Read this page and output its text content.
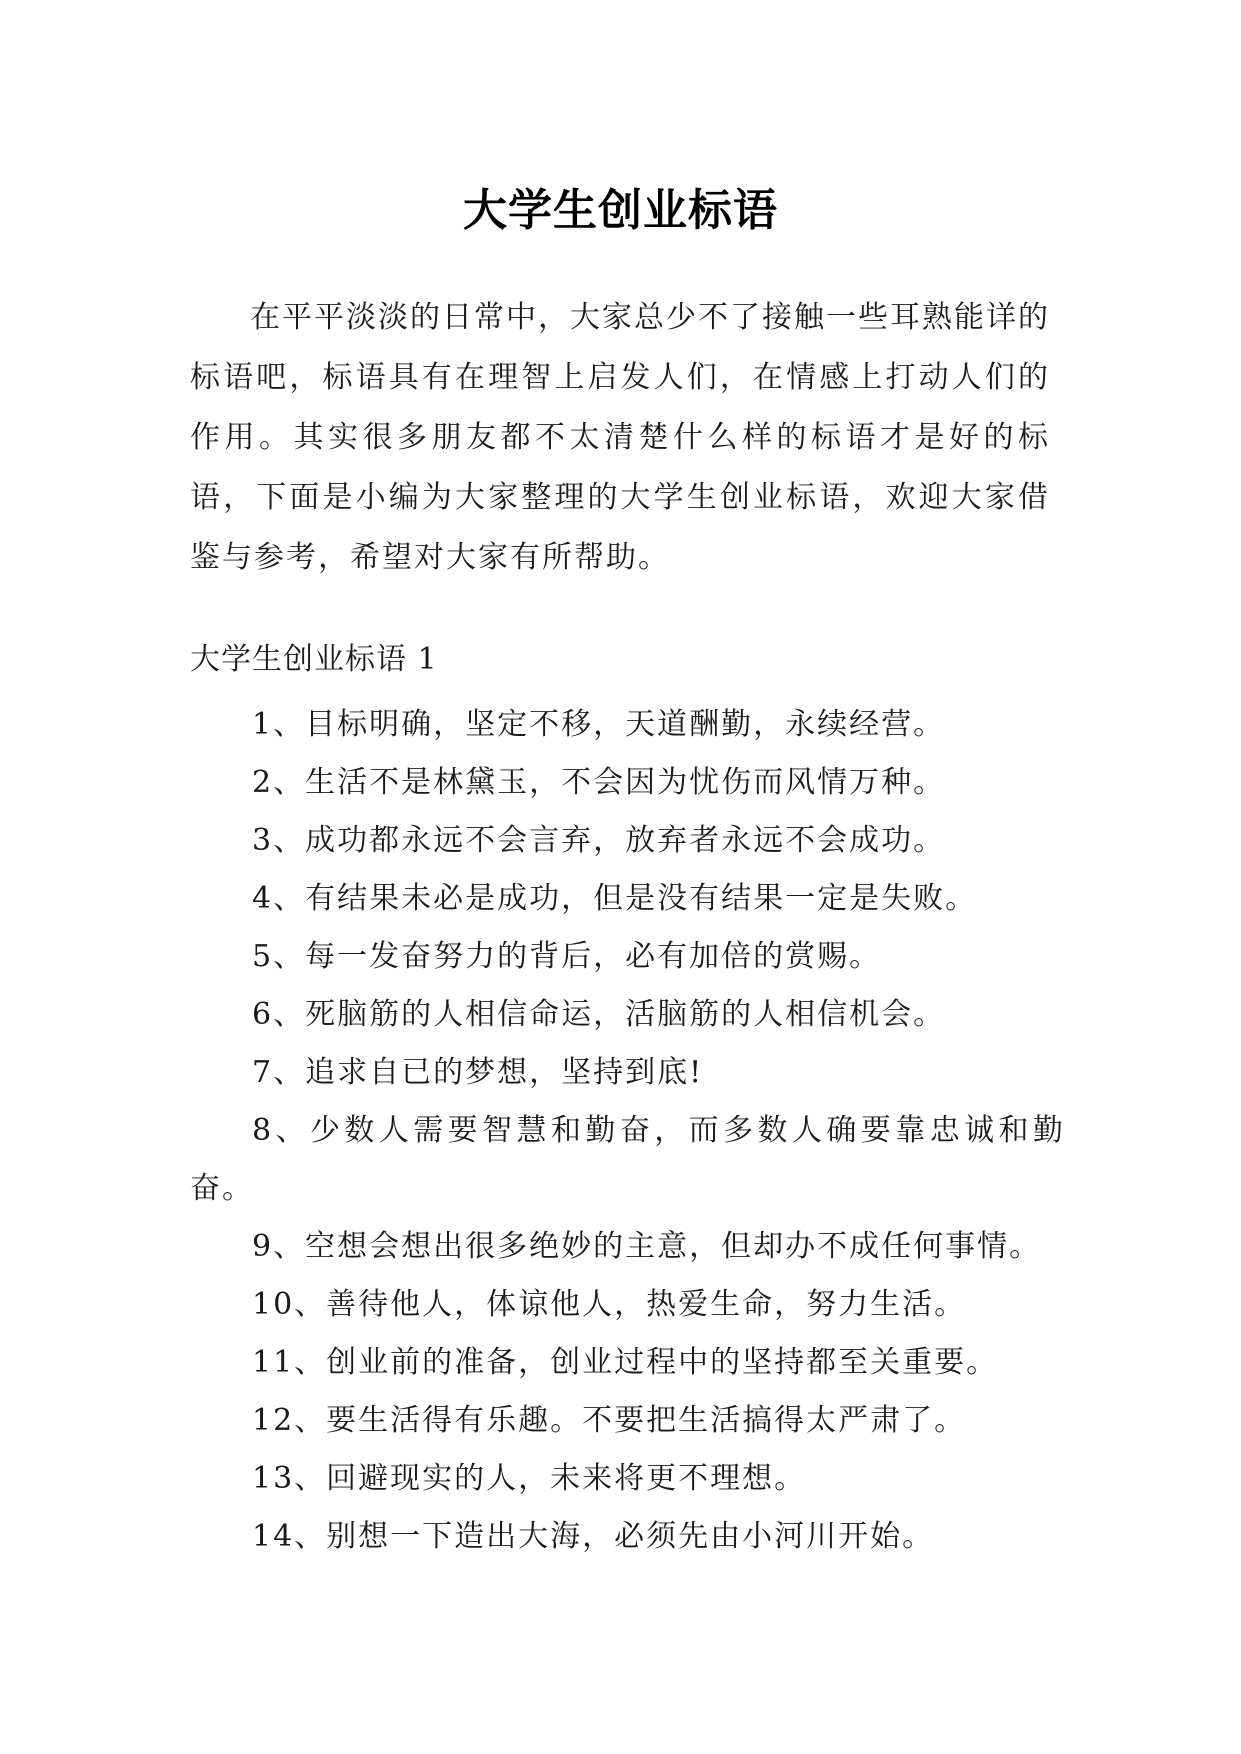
大学生创业标语

在平平淡淡的日常中，大家总少不了接触一些耳熟能详的标语吧，标语具有在理智上启发人们，在情感上打动人们的作用。其实很多朋友都不太清楚什么样的标语才是好的标语，下面是小编为大家整理的大学生创业标语，欢迎大家借鉴与参考，希望对大家有所帮助。

大学生创业标语 1

1、目标明确，坚定不移，天道酬勤，永续经营。
2、生活不是林黛玉，不会因为忧伤而风情万种。
3、成功都永远不会言弃，放弃者永远不会成功。
4、有结果未必是成功，但是没有结果一定是失败。
5、每一发奋努力的背后，必有加倍的赏赐。
6、死脑筋的人相信命运，活脑筋的人相信机会。
7、追求自已的梦想，坚持到底!
8、少数人需要智慧和勤奋，而多数人确要靠忠诚和勤奋。
9、空想会想出很多绝妙的主意，但却办不成任何事情。
10、善待他人，体谅他人，热爱生命，努力生活。
11、创业前的准备，创业过程中的坚持都至关重要。
12、要生活得有乐趣。不要把生活搞得太严肃了。
13、回避现实的人，未来将更不理想。
14、别想一下造出大海，必须先由小河川开始。
